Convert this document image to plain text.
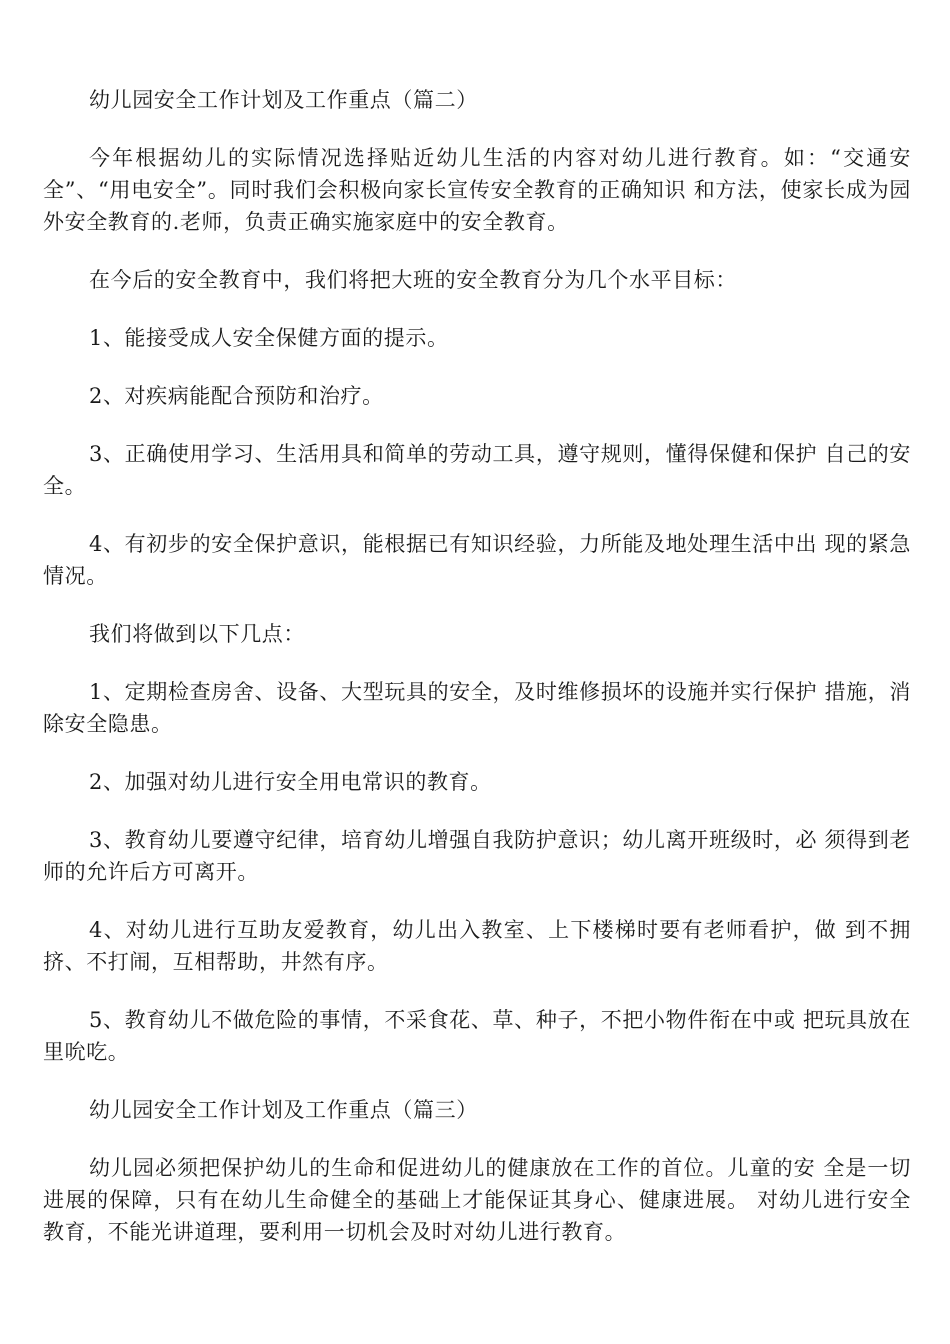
幼儿园安全工作计划及工作重点（篇二）

今年根据幼儿的实际情况选择贴近幼儿生活的内容对幼儿进行教育。如：“交通安全”、“用电安全”。同时我们会积极向家长宣传安全教育的正确知识 和方法，使家长成为园外安全教育的.老师，负责正确实施家庭中的安全教育。

在今后的安全教育中，我们将把大班的安全教育分为几个水平目标：

1、能接受成人安全保健方面的提示。

2、对疾病能配合预防和治疗。

3、正确使用学习、生活用具和简单的劳动工具，遵守规则，懂得保健和保护 自己的安全。

4、有初步的安全保护意识，能根据已有知识经验，力所能及地处理生活中出 现的紧急情况。

我们将做到以下几点：

1、定期检查房舍、设备、大型玩具的安全，及时维修损坏的设施并实行保护 措施，消除安全隐患。

2、加强对幼儿进行安全用电常识的教育。

3、教育幼儿要遵守纪律，培育幼儿增强自我防护意识；幼儿离开班级时，必 须得到老师的允许后方可离开。

4、对幼儿进行互助友爱教育，幼儿出入教室、上下楼梯时要有老师看护，做 到不拥挤、不打闹，互相帮助，井然有序。

5、教育幼儿不做危险的事情，不采食花、草、种子，不把小物件衔在中或 把玩具放在里吮吃。

幼儿园安全工作计划及工作重点（篇三）

幼儿园必须把保护幼儿的生命和促进幼儿的健康放在工作的首位。儿童的安 全是一切进展的保障，只有在幼儿生命健全的基础上才能保证其身心、健康进展。 对幼儿进行安全教育，不能光讲道理，要利用一切机会及时对幼儿进行教育。
